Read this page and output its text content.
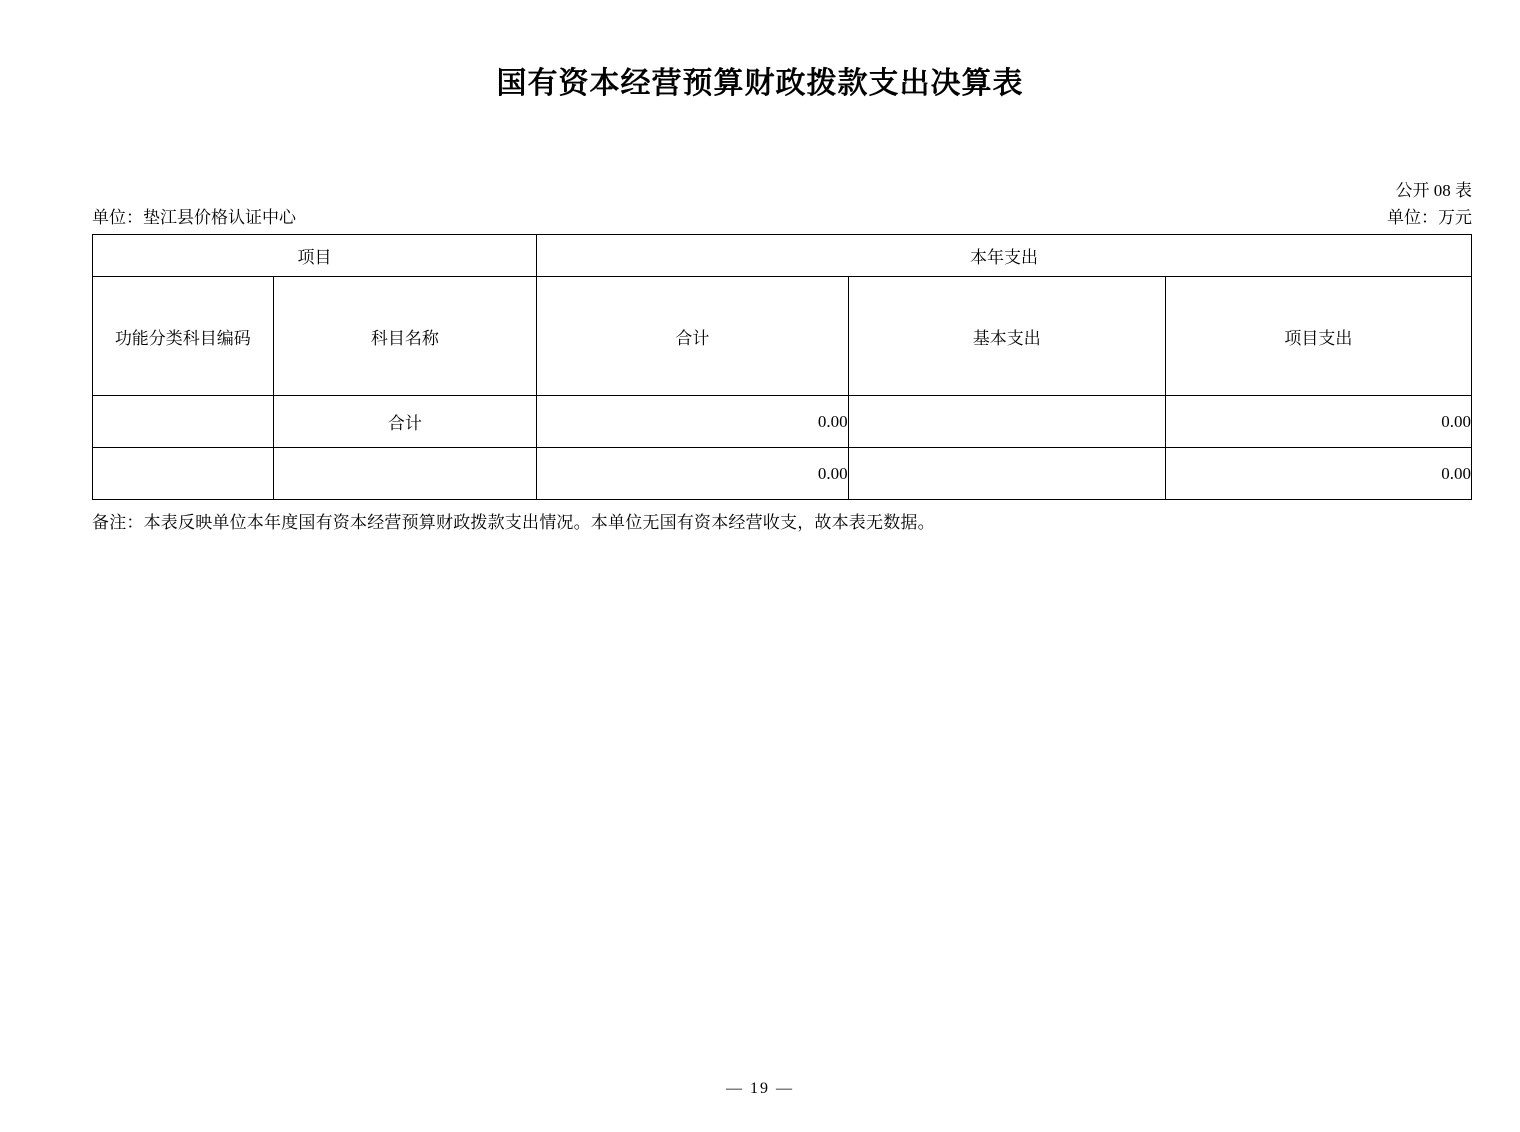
国有资本经营预算财政拨款支出决算表
公开 08 表
单位：垫江县价格认证中心	单位：万元
项目		本年支出		
功能分类科目编码	科目名称	合计	基本支出	项目支出
	合计	0.00		0.00
		0.00		0.00
备注：本表反映单位本年度国有资本经营预算财政拨款支出情况。本单位无国有资本经营收支，故本表无数据。
— 19 —
